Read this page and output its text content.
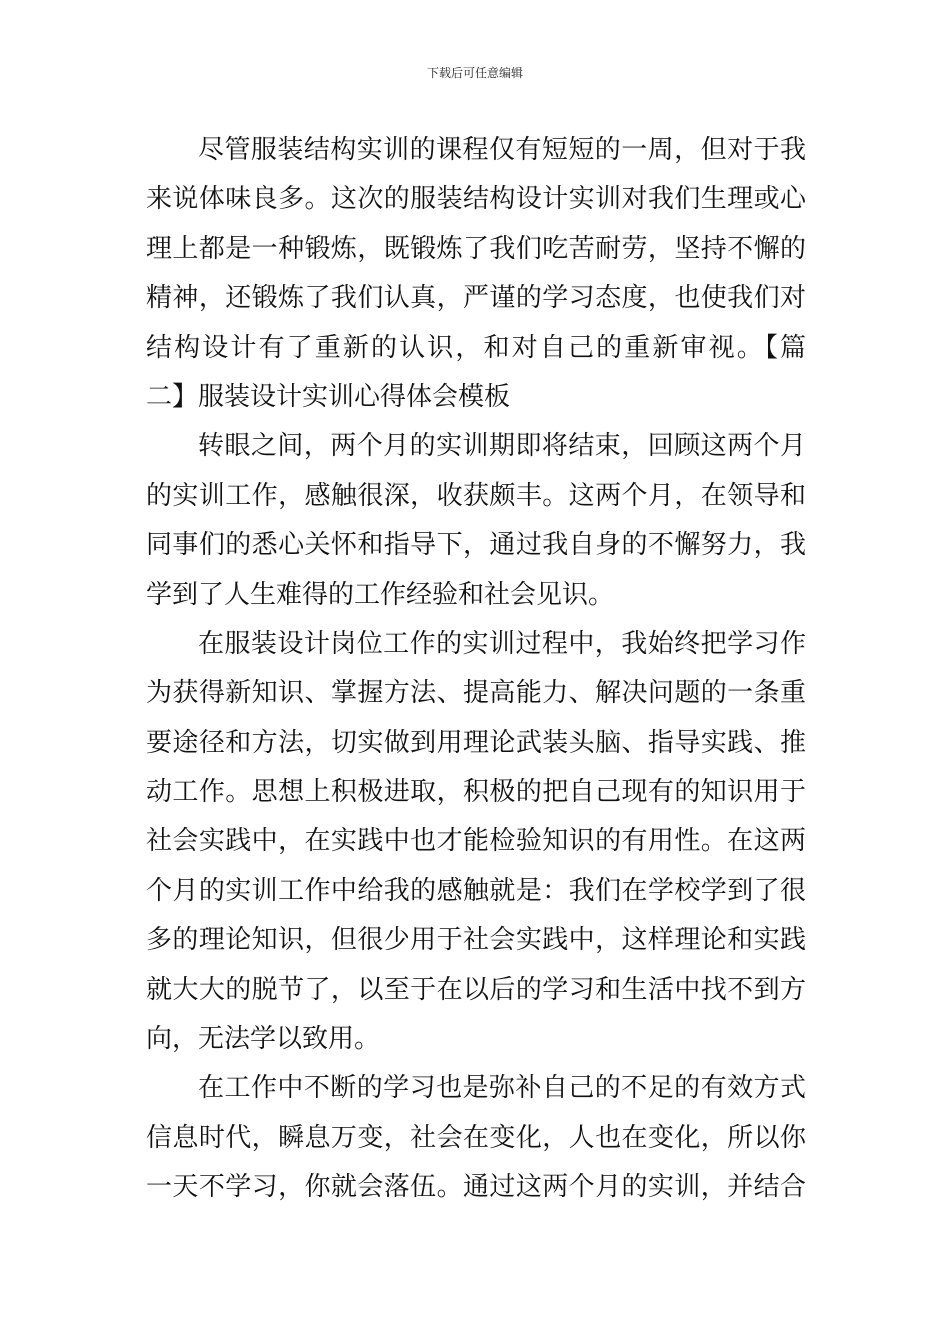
下载后可任意编辑
尽管服装结构实训的课程仅有短短的一周，但对于我
来说体味良多。这次的服装结构设计实训对我们生理或心
理上都是一种锻炼，既锻炼了我们吃苦耐劳，坚持不懈的
精神，还锻炼了我们认真，严谨的学习态度，也使我们对
结构设计有了重新的认识，和对自己的重新审视。【篇
二】服装设计实训心得体会模板
转眼之间，两个月的实训期即将结束，回顾这两个月
的实训工作，感触很深，收获颇丰。这两个月，在领导和
同事们的悉心关怀和指导下，通过我自身的不懈努力，我
学到了人生难得的工作经验和社会见识。
在服装设计岗位工作的实训过程中，我始终把学习作
为获得新知识、掌握方法、提高能力、解决问题的一条重
要途径和方法，切实做到用理论武装头脑、指导实践、推
动工作。思想上积极进取，积极的把自己现有的知识用于
社会实践中，在实践中也才能检验知识的有用性。在这两
个月的实训工作中给我的感触就是：我们在学校学到了很
多的理论知识，但很少用于社会实践中，这样理论和实践
就大大的脱节了，以至于在以后的学习和生活中找不到方
向，无法学以致用。
在工作中不断的学习也是弥补自己的不足的有效方式
信息时代，瞬息万变，社会在变化，人也在变化，所以你
一天不学习，你就会落伍。通过这两个月的实训，并结合
